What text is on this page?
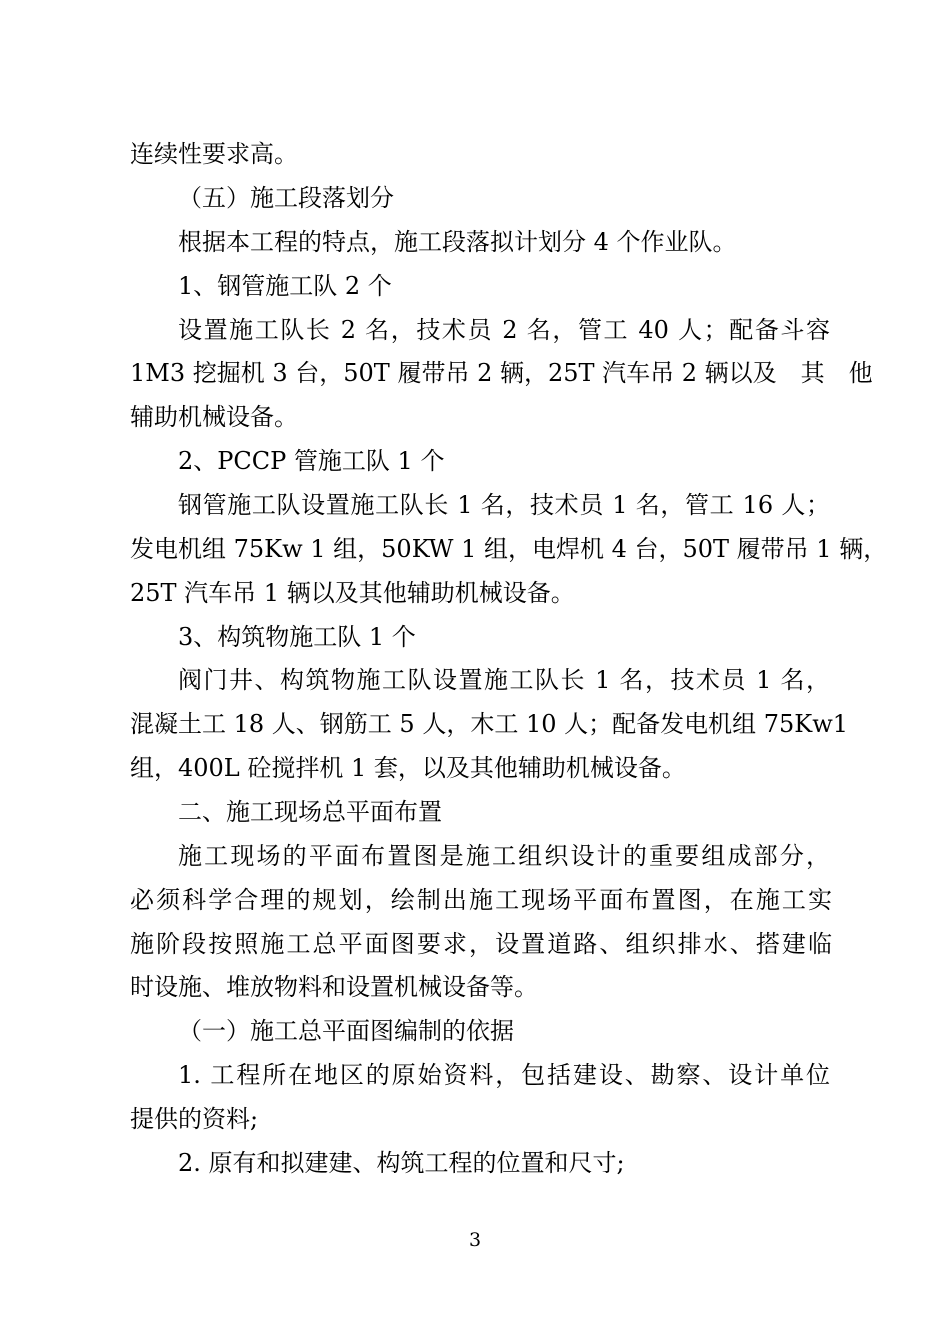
连续性要求高。
（五）施工段落划分
根据本工程的特点，施工段落拟计划分 4 个作业队。
1、钢管施工队 2 个
设置施工队长 2 名，技术员 2 名，管工 40 人；配备斗容
1M3 挖掘机 3 台，50T 履带吊 2 辆，25T 汽车吊 2 辆以及　其　他
辅助机械设备。
2、PCCP 管施工队 1 个
钢管施工队设置施工队长 1 名，技术员 1 名，管工 16 人；
发电机组 75Kw 1 组，50KW 1 组，电焊机 4 台，50T 履带吊 1 辆，
25T 汽车吊 1 辆以及其他辅助机械设备。
3、构筑物施工队 1 个
阀门井、构筑物施工队设置施工队长 1 名，技术员 1 名，
混凝土工 18 人、钢筋工 5 人，木工 10 人；配备发电机组 75Kw1
组，400L 砼搅拌机 1 套，以及其他辅助机械设备。
二、施工现场总平面布置
施工现场的平面布置图是施工组织设计的重要组成部分，
必须科学合理的规划，绘制出施工现场平面布置图，在施工实
施阶段按照施工总平面图要求，设置道路、组织排水、搭建临
时设施、堆放物料和设置机械设备等。
（一）施工总平面图编制的依据
1. 工程所在地区的原始资料，包括建设、勘察、设计单位
提供的资料;
2. 原有和拟建建、构筑工程的位置和尺寸;
3
